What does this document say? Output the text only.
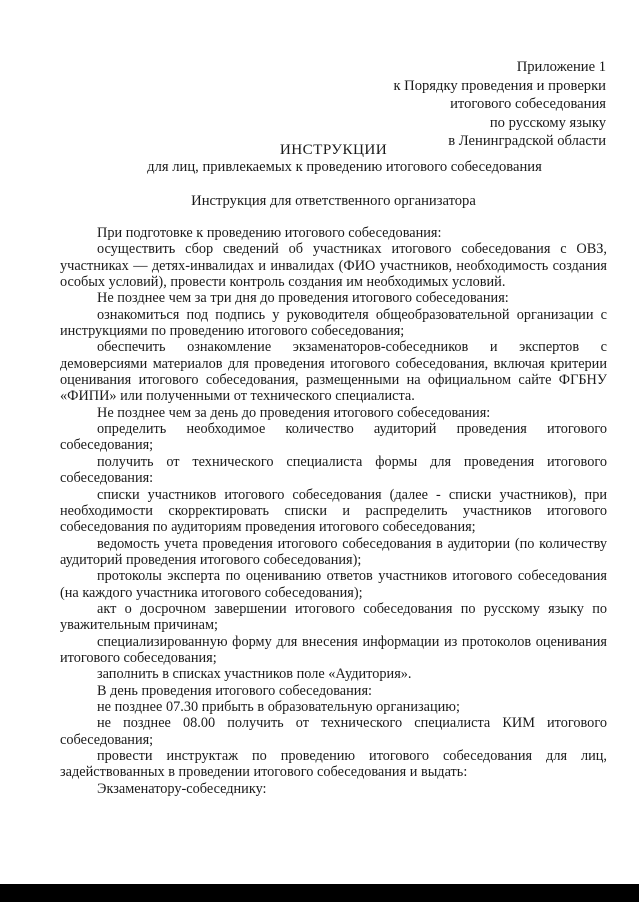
Приложение 1
к Порядку проведения и проверки
итогового собеседования
по русскому языку
в Ленинградской области
ИНСТРУКЦИИ
для лиц, привлекаемых к проведению итогового собеседования
Инструкция для ответственного организатора

При подготовке к проведению итогового собеседования:

осуществить сбор сведений об участниках итогового собеседования с ОВЗ, участниках — детях-инвалидах и инвалидах (ФИО участников, необходимость создания особых условий), провести контроль создания им необходимых условий.

Не позднее чем за три дня до проведения итогового собеседования:

ознакомиться под подпись у руководителя общеобразовательной организации с инструкциями по проведению итогового собеседования;

обеспечить ознакомление экзаменаторов-собеседников и экспертов с демоверсиями материалов для проведения итогового собеседования, включая критерии оценивания итогового собеседования, размещенными на официальном сайте ФГБНУ «ФИПИ» или полученными от технического специалиста.

Не позднее чем за день до проведения итогового собеседования:

определить необходимое количество аудиторий проведения итогового собеседования;

получить от технического специалиста формы для проведения итогового собеседования:

списки участников итогового собеседования (далее - списки участников), при необходимости скорректировать списки и распределить участников итогового собеседования по аудиториям проведения итогового собеседования;

ведомость учета проведения итогового собеседования в аудитории (по количеству аудиторий проведения итогового собеседования);

протоколы эксперта по оцениванию ответов участников итогового собеседования (на каждого участника итогового собеседования);

акт о досрочном завершении итогового собеседования по русскому языку по уважительным причинам;

специализированную форму для внесения информации из протоколов оценивания итогового собеседования;

заполнить в списках участников поле «Аудитория».

В день проведения итогового собеседования:

не позднее 07.30 прибыть в образовательную организацию;

не позднее 08.00 получить от технического специалиста КИМ итогового собеседования;

провести инструктаж по проведению итогового собеседования для лиц, задействованных в проведении итогового собеседования и выдать:

Экзаменатору-собеседнику:
